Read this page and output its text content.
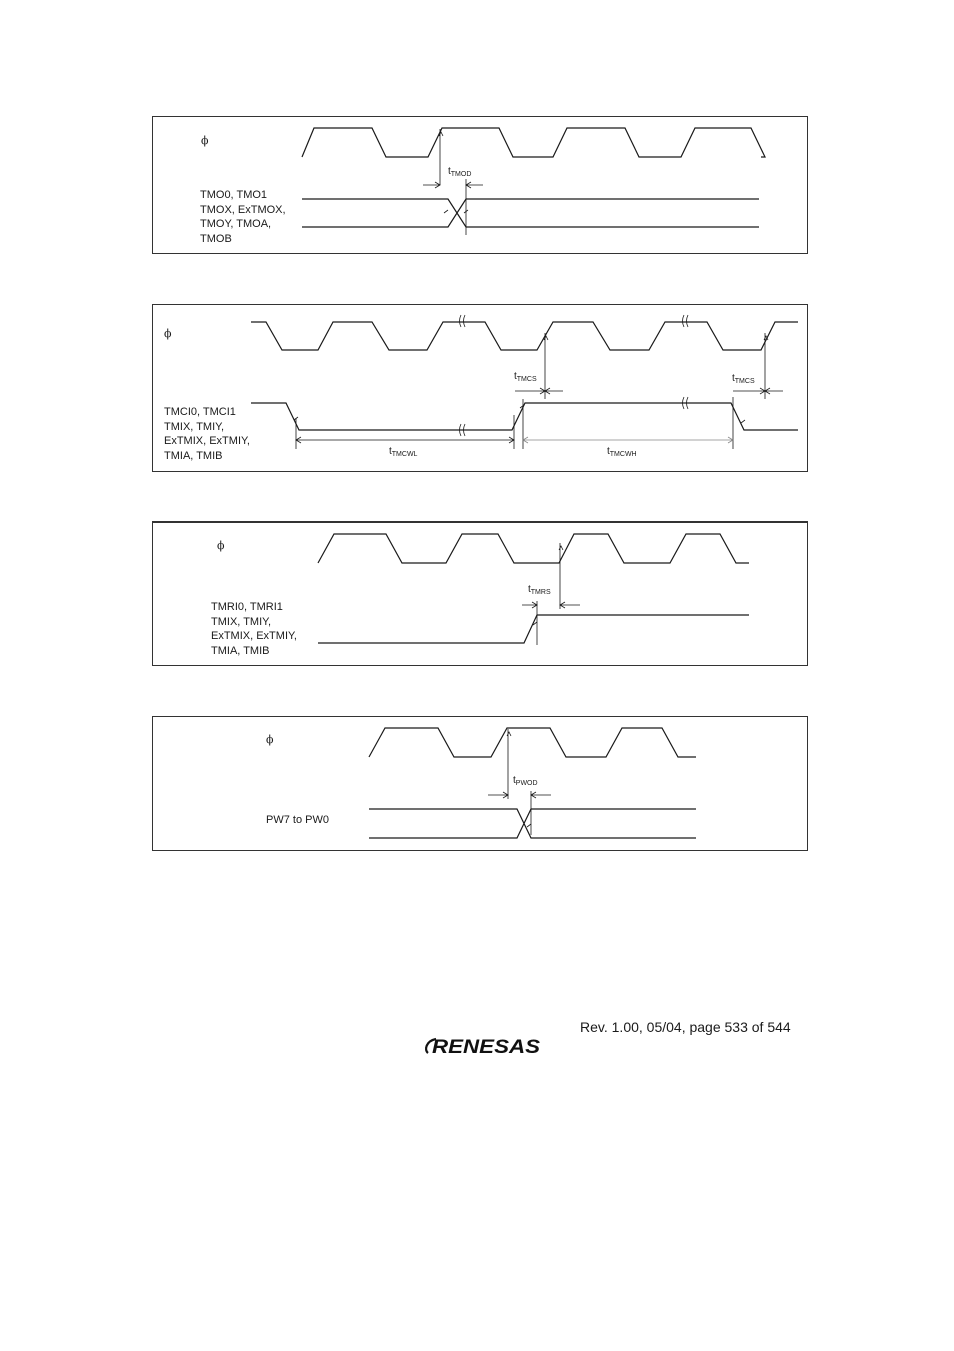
ϕ
TMO0, TMO1
TMOX, ExTMOX,
TMOY, TMOA,
TMOB
$t_{TMOD}$
ϕ
TMCI0, TMCI1
TMIX, TMIY,
ExTMIX, ExTMIY,
TMIA, TMIB
$t_{TMCS}$	$t_{TMCS}$
$t_{TMCWL}$	$t_{TMCWH}$
ϕ
TMRI0, TMRI1
TMIX, TMIY,
ExTMIX, ExTMIY,
TMIA, TMIB
$t_{TMRS}$
ϕ
PW7 to PW0
$t_{PWOD}$
Rev. 1.00, 05/04, page 533 of 544
RENESAS
